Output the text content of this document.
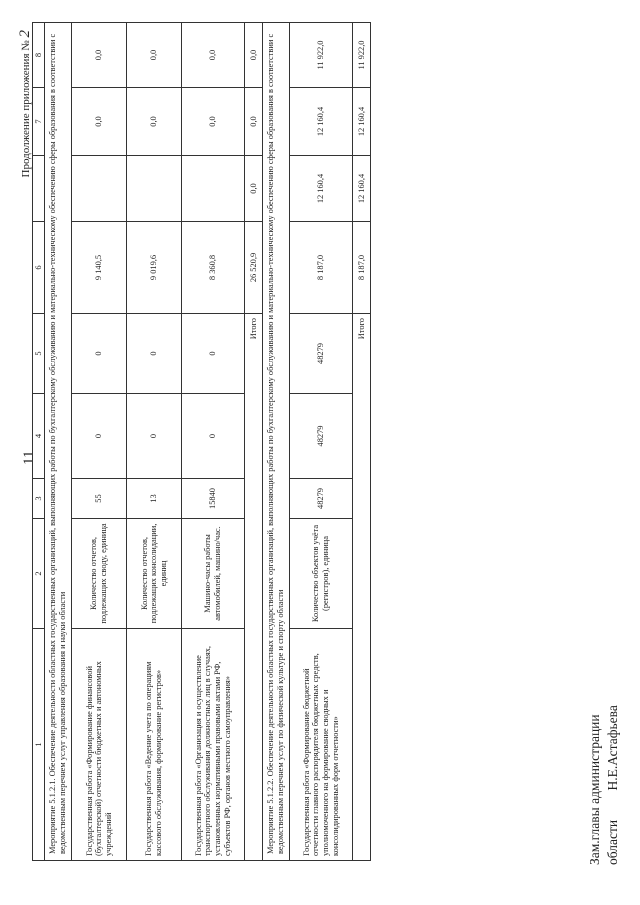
11
Продолжение приложения № 2
1	2	3	4	5	6		7	8
Мероприятие 5.1.2.1. Обеспечение деятельности областных государственных организаций, выполняющих работы по бухгалтерскому обслуживанию и материально-техническому обеспечению сферы образования в соответствии с ведомственным перечнем услуг управления образования и науки области								
Государственная работа «Формирование финансовой (бухгалтерской) отчетности бюджетных и автономных учреждений	Количество отчетов, подлежащих своду, единица	55	0	0	9 140,5		0,0	0,0
Государственная работа «Ведение учета по операциям кассового обслуживания, формирование регистров»	Количество отчетов, подлежащих консолидации, единиц	13	0	0	9 019,6		0,0	0,0
Государственная работа «Организация и осуществление транспортного обслуживания должностных лиц в случаях, установленных нормативными правовыми актами РФ, субъектов РФ, органов местного самоуправления»	Машино-часы работы автомобилей, машино/час.	15840	0	0	8 360,8		0,0	0,0
Итого					26 520,9	0,0	0,0	0,0
Мероприятие 5.1.2.2. Обеспечение деятельности областных государственных организаций, выполняющих работы по бухгалтерскому обслуживанию и материально-техническому обеспечению сферы образования в соответствии с ведомственным перечнем услуг по физической культуре и спорту области								
Государственная работа «Формирование бюджетной отчетности главного распорядителя бюджетных средств, уполномоченного на формирование сводных и консолидированных форм отчетности»	Количество объектов учёта (регистров), единица	48279	48279	48279	8 187,0	12 160,4	12 160,4	11 922,0
Итого					8 187,0	12 160,4	12 160,4	11 922,0
Зам.главы администрации области Н.Е.Астафьева
